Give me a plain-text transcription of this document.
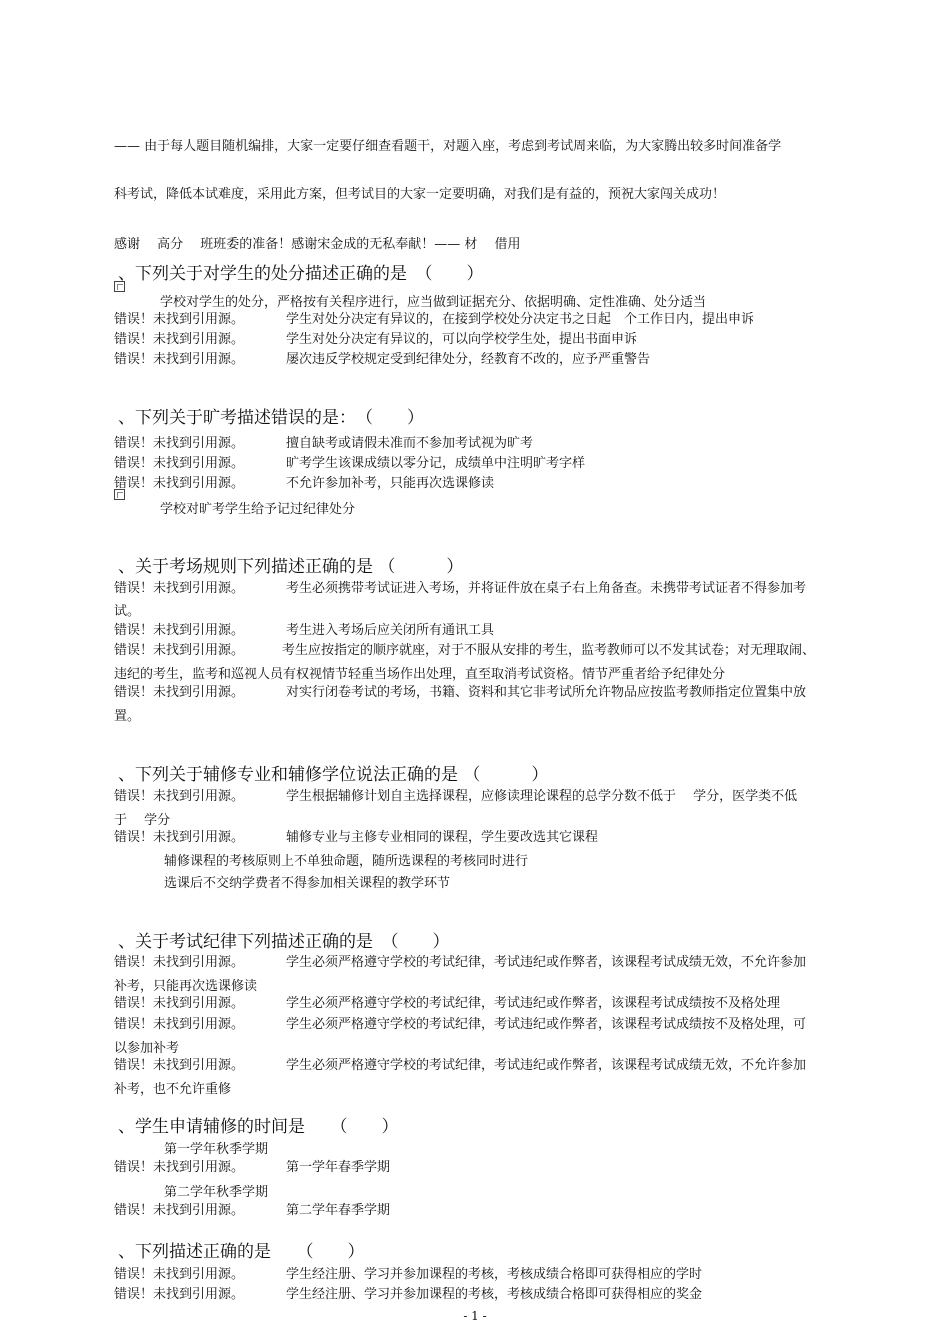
—— 由于每人题目随机编排，大家一定要仔细查看题干，对题入座，考虑到考试周来临，为大家腾出较多时间准备学
科考试，降低本试难度，采用此方案，但考试目的大家一定要明确，对我们是有益的，预祝大家闯关成功！
感谢　 高分　 班班委的准备！感谢宋金成的无私奉献！—— 材　 借用
、下列关于对学生的处分描述正确的是　（　　）
学校对学生的处分，严格按有关程序进行，应当做到证据充分、依据明确、定性准确、处分适当
错误！未找到引用源。	学生对处分决定有异议的，在接到学校处分决定书之日起　个工作日内，提出申诉
错误！未找到引用源。	学生对处分决定有异议的，可以向学校学生处，提出书面申诉
错误！未找到引用源。	屡次违反学校规定受到纪律处分，经教育不改的，应予严重警告
、下列关于旷考描述错误的是：　（　　）
错误！未找到引用源。	擅自缺考或请假未准而不参加考试视为旷考
错误！未找到引用源。	旷考学生该课成绩以零分记，成绩单中注明旷考字样
错误！未找到引用源。	不允许参加补考，只能再次选课修读
学校对旷考学生给予记过纪律处分
、关于考场规则下列描述正确的是 （　　　）
错误！未找到引用源。	考生必须携带考试证进入考场，并将证件放在桌子右上角备查。未携带考试证者不得参加考
试。
错误！未找到引用源。	考生进入考场后应关闭所有通讯工具
错误！未找到引用源。	考生应按指定的顺序就座，对于不服从安排的考生，监考教师可以不发其试卷；对无理取闹、
违纪的考生，监考和巡视人员有权视情节轻重当场作出处理，直至取消考试资格。情节严重者给予纪律处分
错误！未找到引用源。	对实行闭卷考试的考场，书籍、资料和其它非考试所允许物品应按监考教师指定位置集中放
置。
、下列关于辅修专业和辅修学位说法正确的是 （　　　）
错误！未找到引用源。	学生根据辅修计划自主选择课程，应修读理论课程的总学分数不低于　 学分，医学类不低
于　 学分
错误！未找到引用源。	辅修专业与主修专业相同的课程，学生要改选其它课程
辅修课程的考核原则上不单独命题，随所选课程的考核同时进行
选课后不交纳学费者不得参加相关课程的教学环节
、关于考试纪律下列描述正确的是　（　　）
错误！未找到引用源。	学生必须严格遵守学校的考试纪律，考试违纪或作弊者，该课程考试成绩无效，不允许参加
补考，只能再次选课修读
错误！未找到引用源。	学生必须严格遵守学校的考试纪律，考试违纪或作弊者，该课程考试成绩按不及格处理
错误！未找到引用源。	学生必须严格遵守学校的考试纪律，考试违纪或作弊者，该课程考试成绩按不及格处理，可
以参加补考
错误！未找到引用源。	学生必须严格遵守学校的考试纪律，考试违纪或作弊者，该课程考试成绩无效，不允许参加
补考，也不允许重修
、学生申请辅修的时间是　　（　　）
第一学年秋季学期
错误！未找到引用源。	第一学年春季学期
第二学年秋季学期
错误！未找到引用源。	第二学年春季学期
、下列描述正确的是　　（　　）
错误！未找到引用源。	学生经注册、学习并参加课程的考核，考核成绩合格即可获得相应的学时
错误！未找到引用源。	学生经注册、学习并参加课程的考核，考核成绩合格即可获得相应的奖金
- 1 -
